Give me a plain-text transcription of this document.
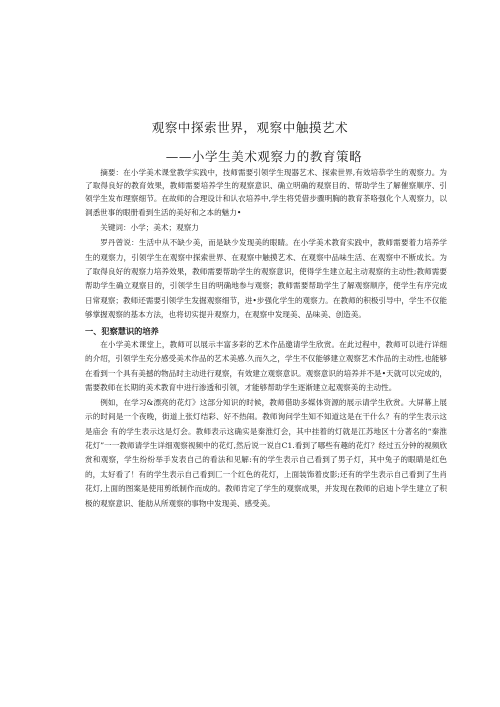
观察中探索世界，观察中触摸艺术
——小学生美术观察力的教育策略

摘要：在小学美术课堂教学实践中，技师需要引领学生现器艺术、探索世界,有效培恭学生的观察力。为了取得良好的教育效果，教师需要培养学生的观察意识、确立明确的观察目的、帮助学生了解催察顺序、引领学生发布理察细节。在故师的合理设计和认衣培养中,学生将凭借步骤明胸的教育茶咯强化个人观察力，以洞悉世事的眼册看到生活的美好和之本的魅力•

关键词：小学；美术；观察力

罗丹曾说：生活中从不缺少美，而是缺少发现美的眼睛。在小学美术教育实践中，教师需要着力培养学生的观察力，引领学生在观察中探索世界、在观察中触摸艺术、在观察中品味生活、在观察中不断成长。为了取得良好的观察力培养效果，教师需要帮助学生的观察意识，使得学生建立起主动观察的主动性;教师需要帮助学生确立观察目的，引领学生目的明确地参与观察；教师需要帮助学生了解观察顺序，使学生有序完成日常观察；教师还需要引领学生发掘观察细节，进•步强化学生的观察力。在教师的积极引导中，学生不仅能够掌握观察的基本方法，也将切实提升观察力，在观察中发现美、品味美、创造美。

一、犯察慧识的培养

在小学美术课堂上，教师可以展示丰富多彩的艺术作品邀请学生欣赏。在此过程中，教师可以进行详细的介绍，引领学生充分感受美术作品的艺术美感.久而久之，学生不仅能够建立观察艺术作品的主动性,也能够在看到一个具有美撼的物品时主动进行观察，有效建立观察意识。观察意识的培养并不是•天就可以完成的，需要教师在长期的美术教育中进行渗透和引领，才能够帮助学生逐渐建立起观察美的主动性。

例如，在学习&漂亮的花灯》这部分知识的时候，教师借助多媒体资源的展示请学生欣赏。大屏幕上展示的时间是一个夜晚，街道上张灯结彩、好不热闹。教师询问学生知不知道这是在干什么？有的学生表示这是庙会 有的学生表示这是灯会。教师表示这确实是秦淮灯会，其中挂着的灯就是江苏地区十分著名的“秦淮花灯”一一教师请学生详细观察视频中的花灯,然后说一说自C1.看到了哪些有趣的花灯？经过五分钟的视频欣赏和观察，学生纷纷举手发表自己的看法和见解:有的学生表示自己看到了男子灯，其中兔子的眼睛是红色的，太好看了！有的学生表示自己看到匚一个红色的花灯，上面装饰着皮影;还有的学生表示自己看到了生肖花灯,上面的图案是使用剪纸制作而成的。教师肯定了学生的观察成果，并发现在教师的启迪卜学生建立了积极的观察意识、能舫从所观察的事物中发现美、感受美。
